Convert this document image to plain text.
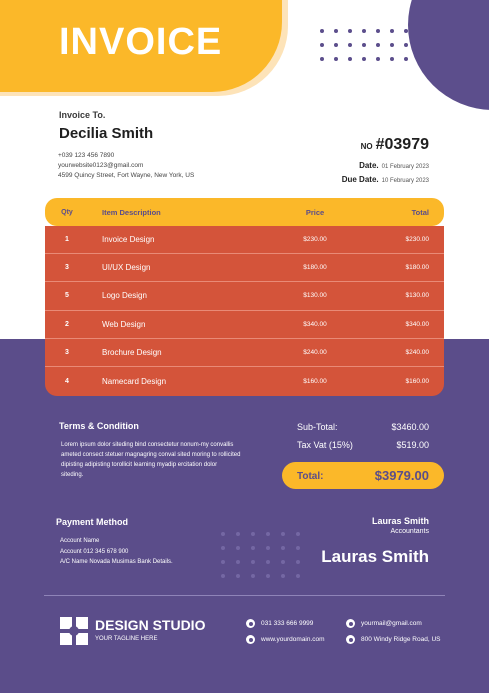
INVOICE
Invoice To.
Decilia Smith
+039 123 456 7890
yourwebsite0123@gmail.com
4599 Quincy Street, Fort Wayne, New York, US
NO #03979
Date. 01 February 2023
Due Date. 10 February 2023
Qty	Item Description	Price	Total
1	Invoice Design	$230.00	$230.00
3	UI/UX Design	$180.00	$180.00
5	Logo Design	$130.00	$130.00
2	Web Design	$340.00	$340.00
3	Brochure Design	$240.00	$240.00
4	Namecard Design	$160.00	$160.00
Terms & Condition
Lorem ipsum dolor siteding bind consectetur nonum-my convallis ameted consect stetuer magnagring conval sited moring to rollicited dipisting adipisting torollicit learning myadip ercitation dolor siteding.
Sub-Total:	$3460.00
Tax Vat (15%)	$519.00
Total:	$3979.00
Payment Method
Account Name
Account 012 345 678 900
A/C Name Novada Musimas Bank Details.
Lauras Smith
Accountants
Lauras Smith
DESIGN STUDIO
YOUR TAGLINE HERE
031 333 666 9999
www.yourdomain.com
yourmail@gmail.com
800 Windy Ridge Road, US
